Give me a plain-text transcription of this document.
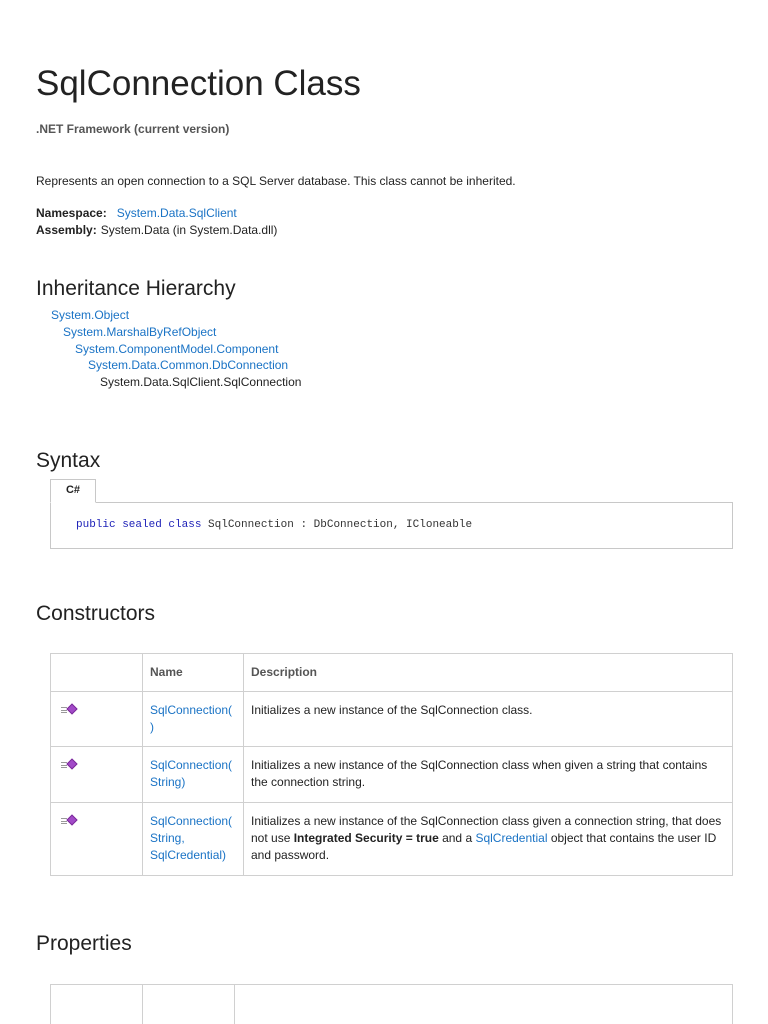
SqlConnection Class
.NET Framework (current version)
Represents an open connection to a SQL Server database. This class cannot be inherited.
Namespace: System.Data.SqlClient
Assembly: System.Data (in System.Data.dll)
Inheritance Hierarchy
System.Object
System.MarshalByRefObject
System.ComponentModel.Component
System.Data.Common.DbConnection
System.Data.SqlClient.SqlConnection
Syntax
C#
public sealed class SqlConnection : DbConnection, ICloneable
Constructors
	Name	Description

	SqlConnection(
)	Initializes a new instance of the SqlConnection class.

	SqlConnection(
String)	Initializes a new instance of the SqlConnection class when given a string that contains the connection string.

	SqlConnection(
String,
SqlCredential)	Initializes a new instance of the SqlConnection class given a connection string, that does not use Integrated Security = true and a SqlCredential object that contains the user ID and password.
Properties
